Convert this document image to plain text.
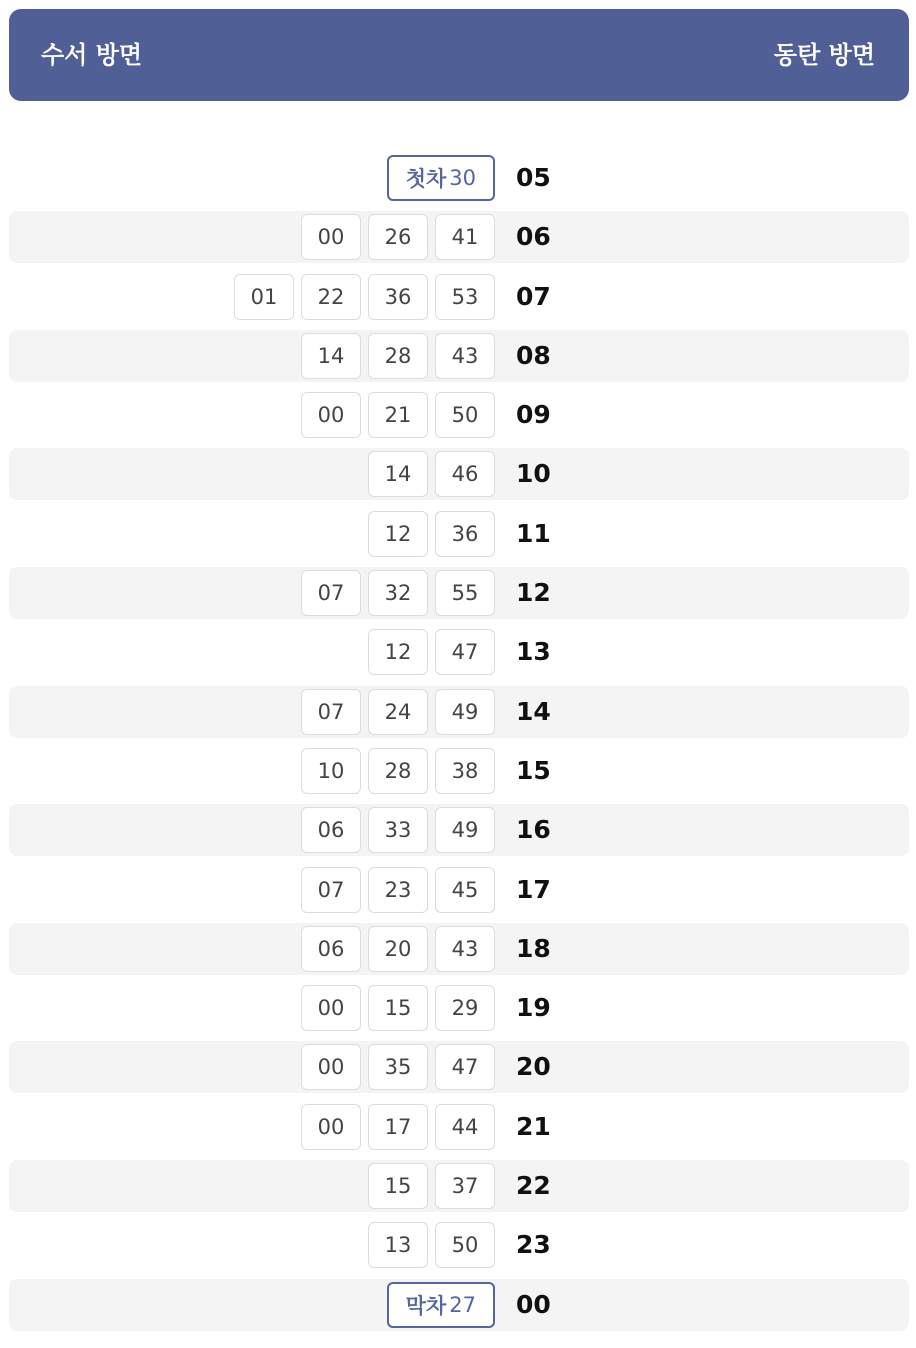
수서 방면	동탄 방면
첫차 30 05
00	26	41	06
01	22	36	53	07
14	28	43	08
00	21	50	09
14	46	10
12	36	11
07	32	55	12
12	47	13
07	24	49	14
10	28	38	15
06	33	49	16
07	23	45	17
06	20	43	18
00	15	29	19
00	35	47	20
00	17	44	21
15	37	22
13	50	23
막차 27 00
